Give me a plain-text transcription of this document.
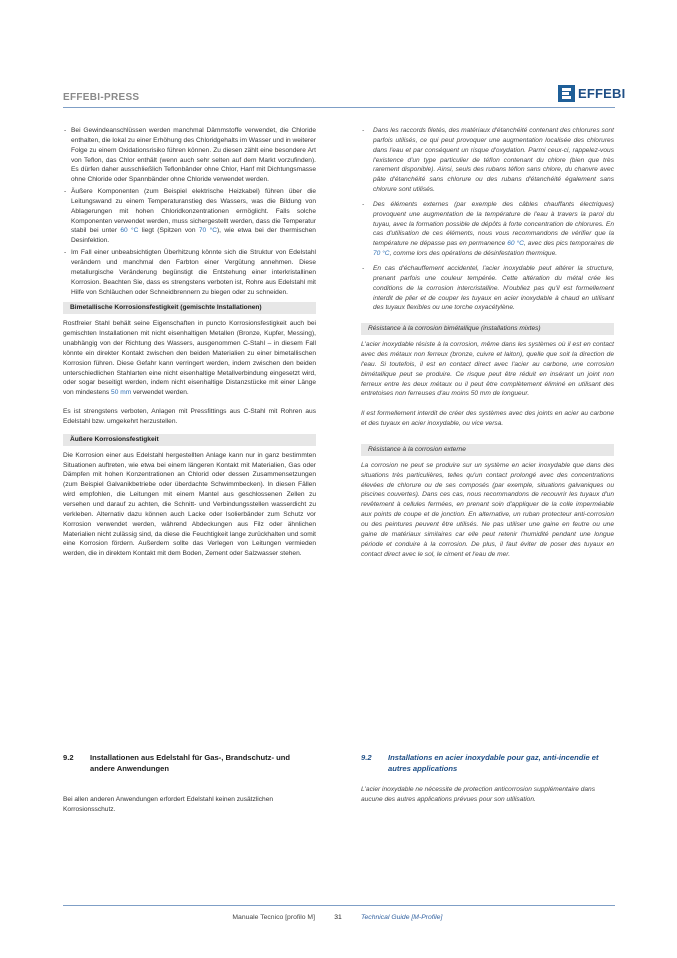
EFFEBI-PRESS	EFFEBI

- Bei Gewindeanschlüssen werden manchmal Dämmstoffe verwendet, die Chloride enthalten, die lokal zu einer Erhöhung des Chloridgehalts im Wasser und in weiterer Folge zu einem Oxidationsrisiko führen können. Zu diesen zählt eine besondere Art von Teflon, das Chlor enthält (wenn auch sehr selten auf dem Markt vorzufinden). Es dürfen daher ausschließlich Teflonbänder ohne Chlor, Hanf mit Dichtungsmasse ohne Chloride oder Spannbänder ohne Chloride verwendet werden.

- Äußere Komponenten (zum Beispiel elektrische Heizkabel) führen über die Leitungswand zu einem Temperaturanstieg des Wassers, was die Bildung von Ablagerungen mit hohen Chloridkonzentrationen ermöglicht. Falls solche Komponenten verwendet werden, muss sichergestellt werden, dass die Temperatur stabil bei unter 60 °C liegt (Spitzen von 70 °C), wie etwa bei der thermischen Desinfektion.

- Im Fall einer unbeabsichtigten Überhitzung könnte sich die Struktur von Edelstahl verändern und manchmal den Farbton einer Vergütung annehmen. Diese metallurgische Veränderung begünstigt die Entstehung einer interkristallinen Korrosion. Beachten Sie, dass es strengstens verboten ist, Rohre aus Edelstahl mit Hilfe von Schläuchen oder Schneidbrennern zu biegen oder zu schneiden.

Bimetallische Korrosionsfestigkeit (gemischte Installationen)

Rostfreier Stahl behält seine Eigenschaften in puncto Korrosionsfestigkeit auch bei gemischten Installationen mit nicht eisenhaltigen Metallen (Bronze, Kupfer, Messing), unabhängig von der Richtung des Wassers, ausgenommen C-Stahl – in diesem Fall könnte ein direkter Kontakt zwischen den beiden Materialien zu einer bimetallischen Korrosion führen. Diese Gefahr kann verringert werden, indem zwischen den beiden unterschiedlichen Stahlarten eine nicht eisenhaltige Metallverbindung eingesetzt wird, oder sogar beseitigt werden, indem nicht eisenhaltige Distanzstücke mit einer Länge von mindestens 50 mm verwendet werden.

Es ist strengstens verboten, Anlagen mit Pressfittings aus C-Stahl mit Rohren aus Edelstahl bzw. umgekehrt herzustellen.

Äußere Korrosionsfestigkeit

Die Korrosion einer aus Edelstahl hergestellten Anlage kann nur in ganz bestimmten Situationen auftreten, wie etwa bei einem längeren Kontakt mit Materialien, Gas oder Dämpfen mit hohen Konzentrationen an Chlorid oder dessen Zusammensetzungen (zum Beispiel Galvanikbetriebe oder überdachte Schwimmbecken). In diesen Fällen wird empfohlen, die Leitungen mit einem Mantel aus geschlossenen Zellen zu versehen und darauf zu achten, die Schnitt- und Verbindungsstellen wasserdicht zu verkleben. Alternativ dazu können auch Lacke oder Isolierbänder zum Schutz vor Korrosion verwendet werden, während Abdeckungen aus Filz oder ähnlichen Materialien nicht zulässig sind, da diese die Feuchtigkeit lange zurückhalten und somit eine Korrosion fördern. Außerdem sollte das Verlegen von Leitungen vermieden werden, die in direktem Kontakt mit dem Boden, Zement oder Salzwasser stehen.

- Dans les raccords filetés, des matériaux d'étanchéité contenant des chlorures sont parfois utilisés, ce qui peut provoquer une augmentation localisée des chlorures dans l'eau et par conséquent un risque d'oxydation. Parmi ceux-ci, rappelez-vous l'existence d'un type particulier de téflon contenant du chlore (bien que très rarement disponible). Ainsi, seuls des rubans téflon sans chlore, du chanvre avec pâte d'étanchéité sans chlorure ou des rubans d'étanchéité également sans chlorure sont utilisés.

- Des éléments externes (par exemple des câbles chauffants électriques) provoquent une augmentation de la température de l'eau à travers la paroi du tuyau, avec la formation possible de dépôts à forte concentration de chlorures. En cas d'utilisation de ces éléments, nous vous recommandons de vérifier que la température ne dépasse pas en permanence 60 °C, avec des pics temporaires de 70 °C, comme lors des opérations de désinfestation thermique.

- En cas d'échauffement accidentel, l'acier inoxydable peut altérer la structure, prenant parfois une couleur tempérée. Cette altération du métal crée les conditions de la corrosion intercristalline. N'oubliez pas qu'il est formellement interdit de plier et de couper les tuyaux en acier inoxydable à chaud en utilisant des tuyaux flexibles ou une torche oxyacétylène.

Résistance à la corrosion bimétallique (installations mixtes)

L'acier inoxydable résiste à la corrosion, même dans les systèmes où il est en contact avec des métaux non ferreux (bronze, cuivre et laiton), quelle que soit la direction de l'eau. Si toutefois, il est en contact direct avec l'acier au carbone, une corrosion bimétallique peut se produire. Ce risque peut être réduit en insérant un joint non ferreux entre les deux métaux ou il peut être complètement éliminé en utilisant des entretoises non ferreuses d'au moins 50 mm de longueur.

Il est formellement interdit de créer des systèmes avec des joints en acier au carbone et des tuyaux en acier inoxydable, ou vice versa.

Résistance à la corrosion externe

La corrosion ne peut se produire sur un système en acier inoxydable que dans des situations très particulières, telles qu'un contact prolongé avec des concentrations élevées de chlorure ou de ses composés (par exemple, situations galvaniques ou piscines couvertes). Dans ces cas, nous recommandons de recouvrir les tuyaux d'un revêtement à cellules fermées, en prenant soin d'appliquer de la colle imperméable aux points de coupe et de jonction. En alternative, un ruban protecteur anti-corrosion ou des peintures peuvent être utilisés. Ne pas utiliser une gaine en feutre ou une gaine de matériaux similaires car elle peut retenir l'humidité pendant une longue période et conduire à la corrosion. De plus, il faut éviter de poser des tuyaux en contact direct avec le sol, le ciment et l'eau de mer.

9.2	Installationen aus Edelstahl für Gas-, Brandschutz- und andere Anwendungen
Bei allen anderen Anwendungen erfordert Edelstahl keinen zusätzlichen Korrosionsschutz.
9.2	Installations en acier inoxydable pour gaz, anti-incendie et autres applications
L'acier inoxydable ne nécessite de protection anticorrosion supplémentaire dans aucune des autres applications prévues pour son utilisation.
Manuale Tecnico [profilo M]	31	Technical Guide [M-Profile]
